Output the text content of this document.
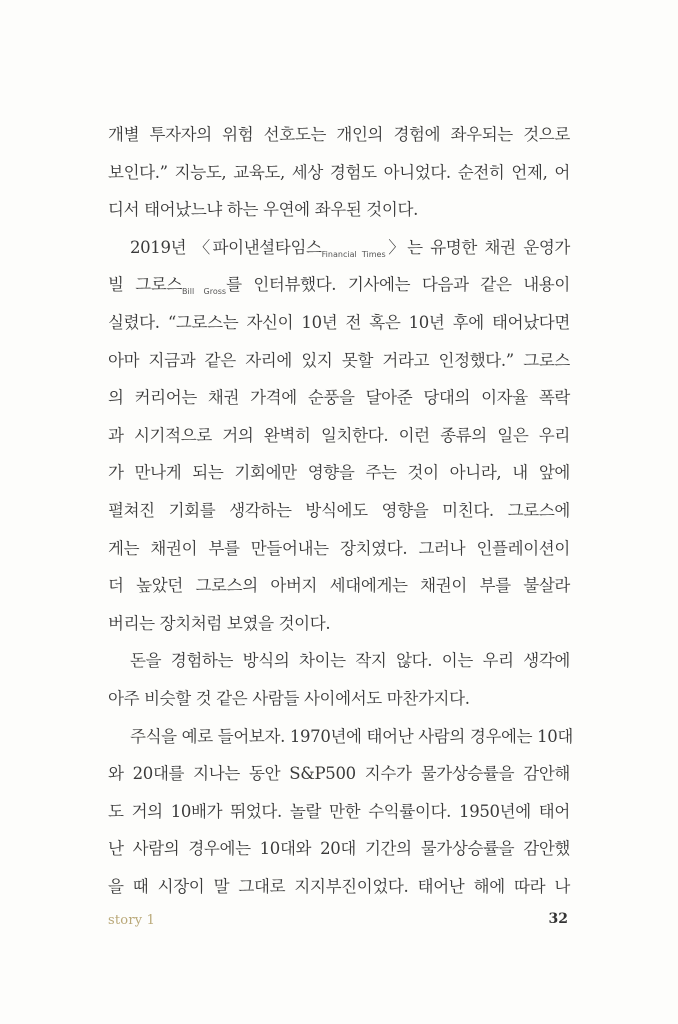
개별 투자자의 위험 선호도는 개인의 경험에 좌우되는 것으로
보인다.” 지능도, 교육도, 세상 경험도 아니었다. 순전히 언제, 어
디서 태어났느냐 하는 우연에 좌우된 것이다.
2019년 〈파이낸셜타임스$_{Financial Times}$〉는 유명한 채권 운영가
빌 그로스$_{Bill Gross}$를 인터뷰했다. 기사에는 다음과 같은 내용이
실렸다. “그로스는 자신이 10년 전 혹은 10년 후에 태어났다면
아마 지금과 같은 자리에 있지 못할 거라고 인정했다.” 그로스
의 커리어는 채권 가격에 순풍을 달아준 당대의 이자율 폭락
과 시기적으로 거의 완벽히 일치한다. 이런 종류의 일은 우리
가 만나게 되는 기회에만 영향을 주는 것이 아니라, 내 앞에
펼쳐진 기회를 생각하는 방식에도 영향을 미친다. 그로스에
게는 채권이 부를 만들어내는 장치였다. 그러나 인플레이션이
더 높았던 그로스의 아버지 세대에게는 채권이 부를 불살라
버리는 장치처럼 보였을 것이다.
돈을 경험하는 방식의 차이는 작지 않다. 이는 우리 생각에
아주 비슷할 것 같은 사람들 사이에서도 마찬가지다.
주식을 예로 들어보자. 1970년에 태어난 사람의 경우에는 10대
와 20대를 지나는 동안 S&P500 지수가 물가상승률을 감안해
도 거의 10배가 뛰었다. 놀랄 만한 수익률이다. 1950년에 태어
난 사람의 경우에는 10대와 20대 기간의 물가상승률을 감안했
을 때 시장이 말 그대로 지지부진이었다. 태어난 해에 따라 나
story 1	32
